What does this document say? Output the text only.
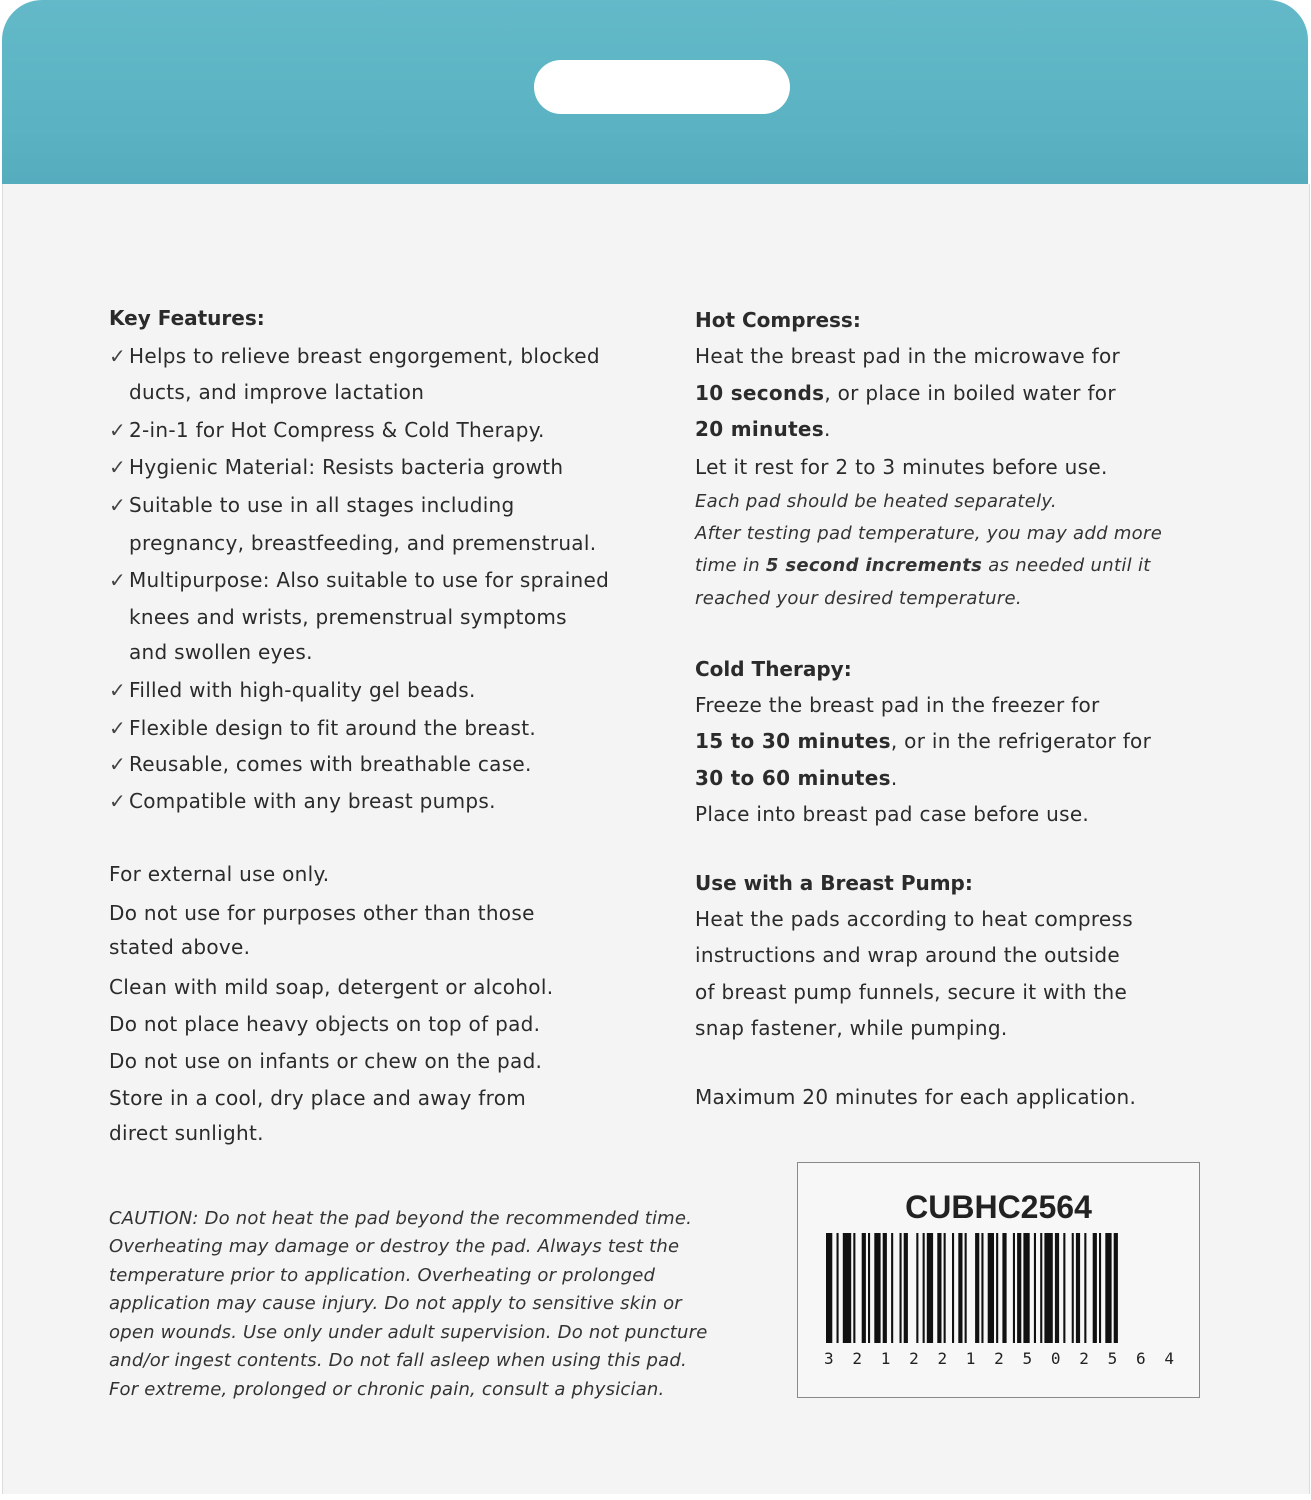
Key Features:
✓ Helps to relieve breast engorgement, blocked
ducts, and improve lactation
✓ 2-in-1 for Hot Compress & Cold Therapy.
✓ Hygienic Material: Resists bacteria growth
✓ Suitable to use in all stages including
pregnancy, breastfeeding, and premenstrual.
✓ Multipurpose: Also suitable to use for sprained
knees and wrists, premenstrual symptoms
and swollen eyes.
✓ Filled with high-quality gel beads.
✓ Flexible design to fit around the breast.
✓ Reusable, comes with breathable case.
✓ Compatible with any breast pumps.
For external use only.
Do not use for purposes other than those
stated above.
Clean with mild soap, detergent or alcohol.
Do not place heavy objects on top of pad.
Do not use on infants or chew on the pad.
Store in a cool, dry place and away from
direct sunlight.
CAUTION: Do not heat the pad beyond the recommended time.
Overheating may damage or destroy the pad. Always test the
temperature prior to application. Overheating or prolonged
application may cause injury. Do not apply to sensitive skin or
open wounds. Use only under adult supervision. Do not puncture
and/or ingest contents. Do not fall asleep when using this pad.
For extreme, prolonged or chronic pain, consult a physician.
Hot Compress:
Heat the breast pad in the microwave for
10 seconds, or place in boiled water for
20 minutes.
Let it rest for 2 to 3 minutes before use.
Each pad should be heated separately.
After testing pad temperature, you may add more
time in 5 second increments as needed until it
reached your desired temperature.
Cold Therapy:
Freeze the breast pad in the freezer for
15 to 30 minutes, or in the refrigerator for
30 to 60 minutes.
Place into breast pad case before use.
Use with a Breast Pump:
Heat the pads according to heat compress
instructions and wrap around the outside
of breast pump funnels, secure it with the
snap fastener, while pumping.
Maximum 20 minutes for each application.
CUBHC2564
3 2 1 2 2 1 2 5 0 2 5 6 4
